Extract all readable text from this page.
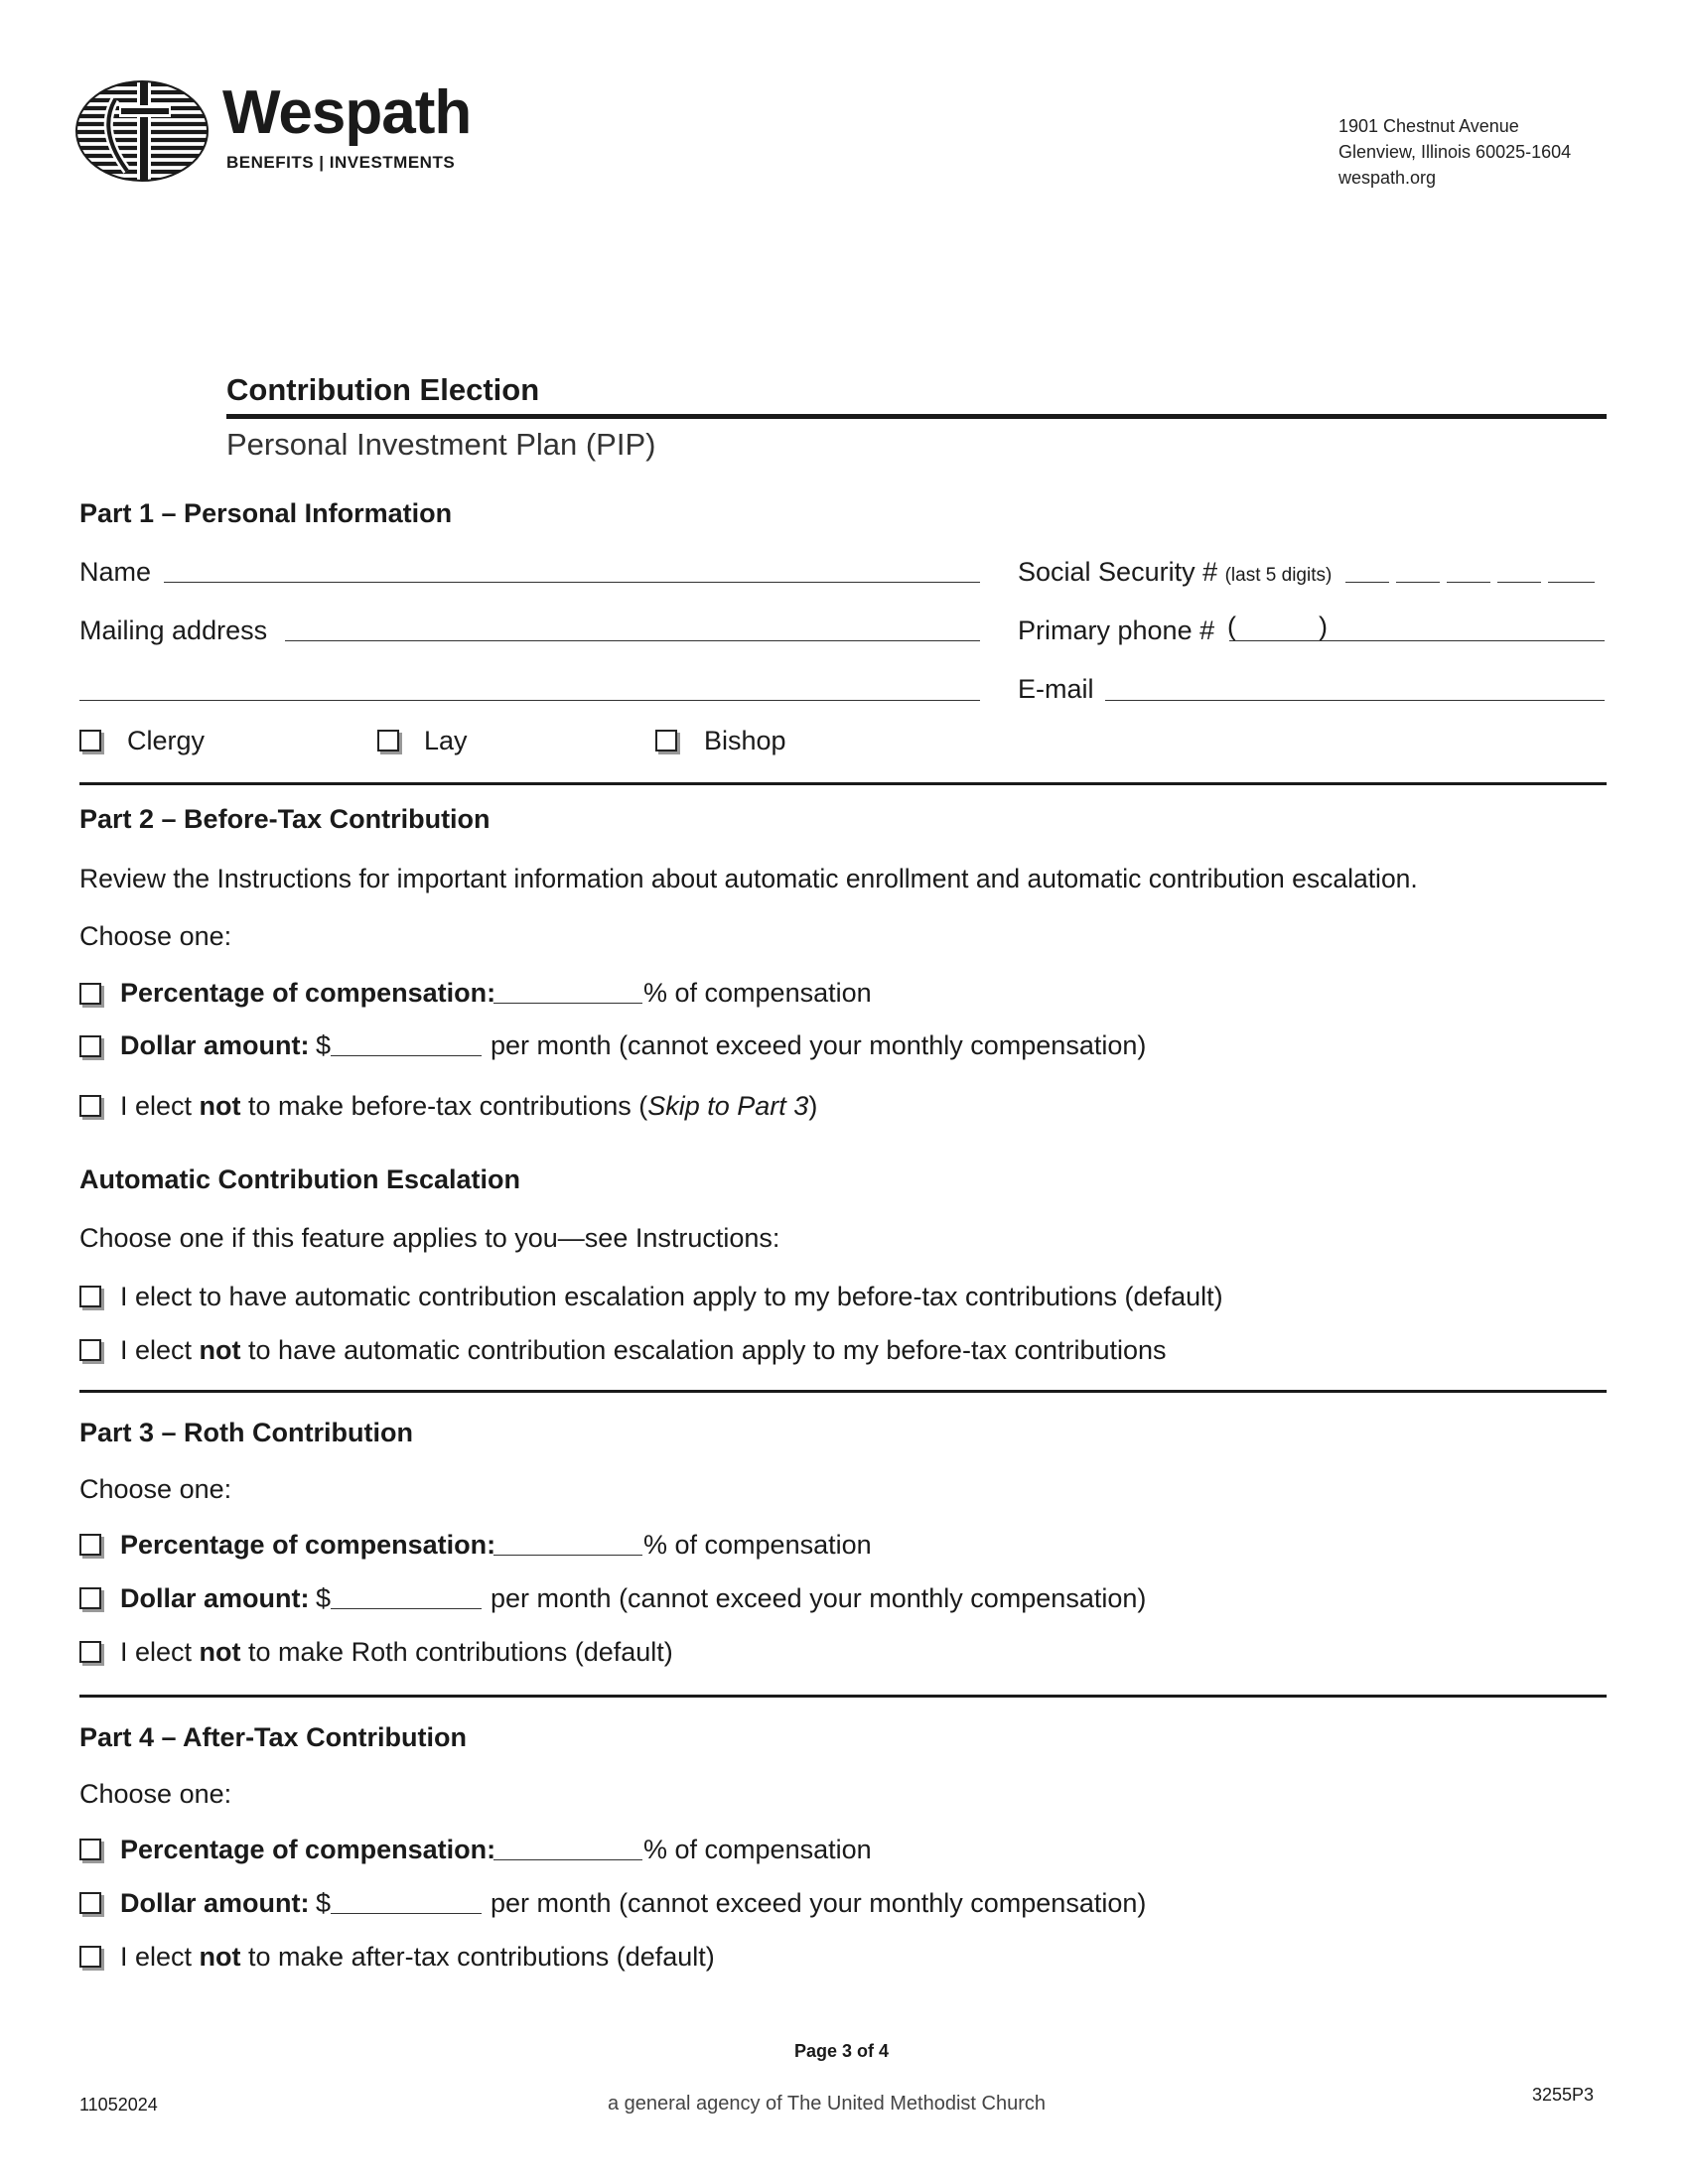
Wespath
BENEFITS | INVESTMENTS
1901 Chestnut Avenue
Glenview, Illinois 60025-1604
wespath.org
Contribution Election
Personal Investment Plan (PIP)
Part 1 – Personal Information
Name	Social Security # (last 5 digits)
Mailing address	Primary phone # (	)
E-mail
Clergy	Lay	Bishop
Part 2 – Before-Tax Contribution
Review the Instructions for important information about automatic enrollment and automatic contribution escalation.
Choose one:
Percentage of compensation:	% of compensation
Dollar amount: $	per month (cannot exceed your monthly compensation)
I elect not to make before-tax contributions (Skip to Part 3)
Automatic Contribution Escalation
Choose one if this feature applies to you—see Instructions:
I elect to have automatic contribution escalation apply to my before-tax contributions (default)
I elect not to have automatic contribution escalation apply to my before-tax contributions
Part 3 – Roth Contribution
Choose one:
Percentage of compensation:	% of compensation
Dollar amount: $	per month (cannot exceed your monthly compensation)
I elect not to make Roth contributions (default)
Part 4 – After-Tax Contribution
Choose one:
Percentage of compensation:	% of compensation
Dollar amount: $	per month (cannot exceed your monthly compensation)
I elect not to make after-tax contributions (default)
Page 3 of 4
11052024	a general agency of The United Methodist Church	3255P3
